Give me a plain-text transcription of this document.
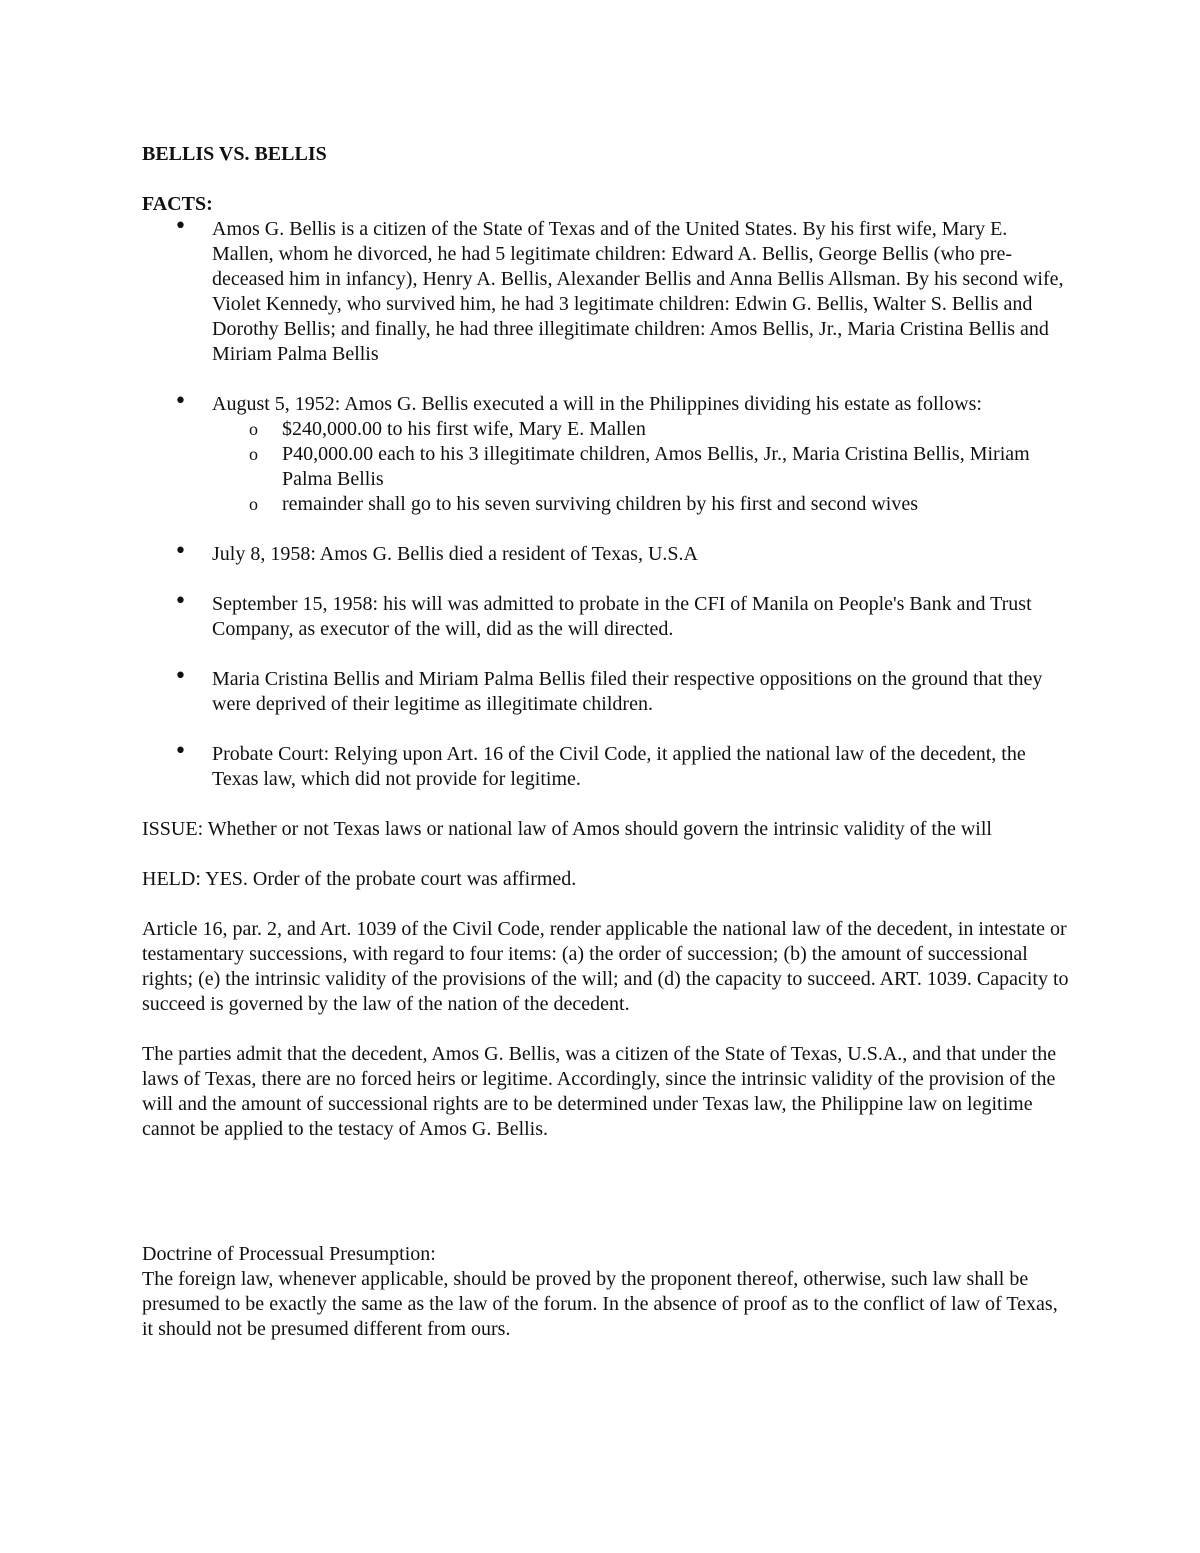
BELLIS VS. BELLIS
FACTS:
• Amos G. Bellis is a citizen of the State of Texas and of the United States. By his first wife, Mary E. Mallen, whom he divorced, he had 5 legitimate children: Edward A. Bellis, George Bellis (who pre-deceased him in infancy), Henry A. Bellis, Alexander Bellis and Anna Bellis Allsman. By his second wife, Violet Kennedy, who survived him, he had 3 legitimate children: Edwin G. Bellis, Walter S. Bellis and Dorothy Bellis; and finally, he had three illegitimate children: Amos Bellis, Jr., Maria Cristina Bellis and Miriam Palma Bellis
• August 5, 1952: Amos G. Bellis executed a will in the Philippines dividing his estate as follows:
o	$240,000.00 to his first wife, Mary E. Mallen
o	P40,000.00 each to his 3 illegitimate children, Amos Bellis, Jr., Maria Cristina Bellis, Miriam Palma Bellis
o	remainder shall go to his seven surviving children by his first and second wives
• July 8, 1958: Amos G. Bellis died a resident of Texas, U.S.A
• September 15, 1958: his will was admitted to probate in the CFI of Manila on People's Bank and Trust Company, as executor of the will, did as the will directed.
• Maria Cristina Bellis and Miriam Palma Bellis filed their respective oppositions on the ground that they were deprived of their legitime as illegitimate children.
• Probate Court: Relying upon Art. 16 of the Civil Code, it applied the national law of the decedent, the Texas law, which did not provide for legitime.

ISSUE: Whether or not Texas laws or national law of Amos should govern the intrinsic validity of the will

HELD: YES. Order of the probate court was affirmed.

Article 16, par. 2, and Art. 1039 of the Civil Code, render applicable the national law of the decedent, in intestate or testamentary successions, with regard to four items: (a) the order of succession; (b) the amount of successional rights; (e) the intrinsic validity of the provisions of the will; and (d) the capacity to succeed. ART. 1039. Capacity to succeed is governed by the law of the nation of the decedent.

The parties admit that the decedent, Amos G. Bellis, was a citizen of the State of Texas, U.S.A., and that under the laws of Texas, there are no forced heirs or legitime. Accordingly, since the intrinsic validity of the provision of the will and the amount of successional rights are to be determined under Texas law, the Philippine law on legitime cannot be applied to the testacy of Amos G. Bellis.

Doctrine of Processual Presumption:
The foreign law, whenever applicable, should be proved by the proponent thereof, otherwise, such law shall be presumed to be exactly the same as the law of the forum. In the absence of proof as to the conflict of law of Texas, it should not be presumed different from ours.
